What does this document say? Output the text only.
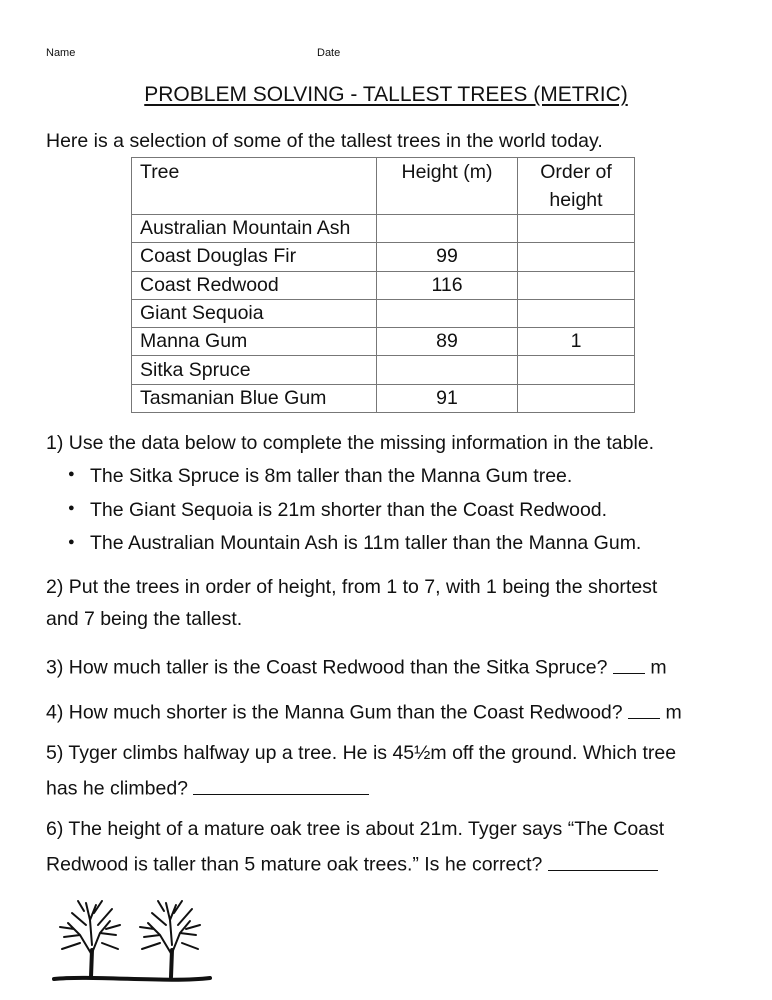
Name	Date
PROBLEM SOLVING - TALLEST TREES (METRIC)
Here is a selection of some of the tallest trees in the world today.
Tree	Height (m)	Order of
height
Australian Mountain Ash		
Coast Douglas Fir	99	
Coast Redwood	116	
Giant Sequoia		
Manna Gum	89	1
Sitka Spruce		
Tasmanian Blue Gum	91	
1) Use the data below to complete the missing information in the table.
● The Sitka Spruce is 8m taller than the Manna Gum tree.
● The Giant Sequoia is 21m shorter than the Coast Redwood.
● The Australian Mountain Ash is 11m taller than the Manna Gum.
2) Put the trees in order of height, from 1 to 7, with 1 being the shortest
and 7 being the tallest.
3) How much taller is the Coast Redwood than the Sitka Spruce? m
4) How much shorter is the Manna Gum than the Coast Redwood? m
5) Tyger climbs halfway up a tree. He is 45½m off the ground. Which tree
has he climbed?
6) The height of a mature oak tree is about 21m. Tyger says “The Coast
Redwood is taller than 5 mature oak trees.” Is he correct?
